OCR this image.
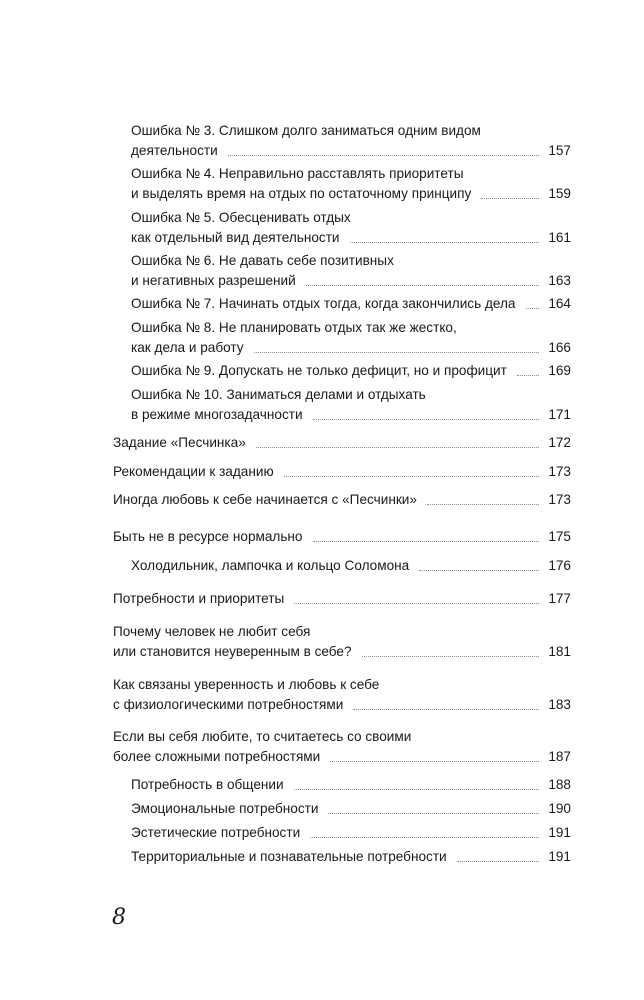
Ошибка № 3. Слишком долго заниматься одним видом
деятельности	157
Ошибка № 4. Неправильно расставлять приоритеты
и выделять время на отдых по остаточному принципу	159
Ошибка № 5. Обесценивать отдых
как отдельный вид деятельности	161
Ошибка № 6. Не давать себе позитивных
и негативных разрешений	163
Ошибка № 7. Начинать отдых тогда, когда закончились дела 164
Ошибка № 8. Не планировать отдых так же жестко,
как дела и работу	166
Ошибка № 9. Допускать не только дефицит, но и профицит	169
Ошибка № 10. Заниматься делами и отдыхать
в режиме многозадачности	171
Задание «Песчинка»	172
Рекомендации к заданию	173
Иногда любовь к себе начинается с «Песчинки»	173
Быть не в ресурсе нормально	175
Холодильник, лампочка и кольцо Соломона	176
Потребности и приоритеты	177
Почему человек не любит себя
или становится неуверенным в себе?	181
Как связаны уверенность и любовь к себе
с физиологическими потребностями	183
Если вы себя любите, то считаетесь со своими
более сложными потребностями	187
Потребность в общении	188
Эмоциональные потребности	190
Эстетические потребности	191
Территориальные и познавательные потребности	191
8
